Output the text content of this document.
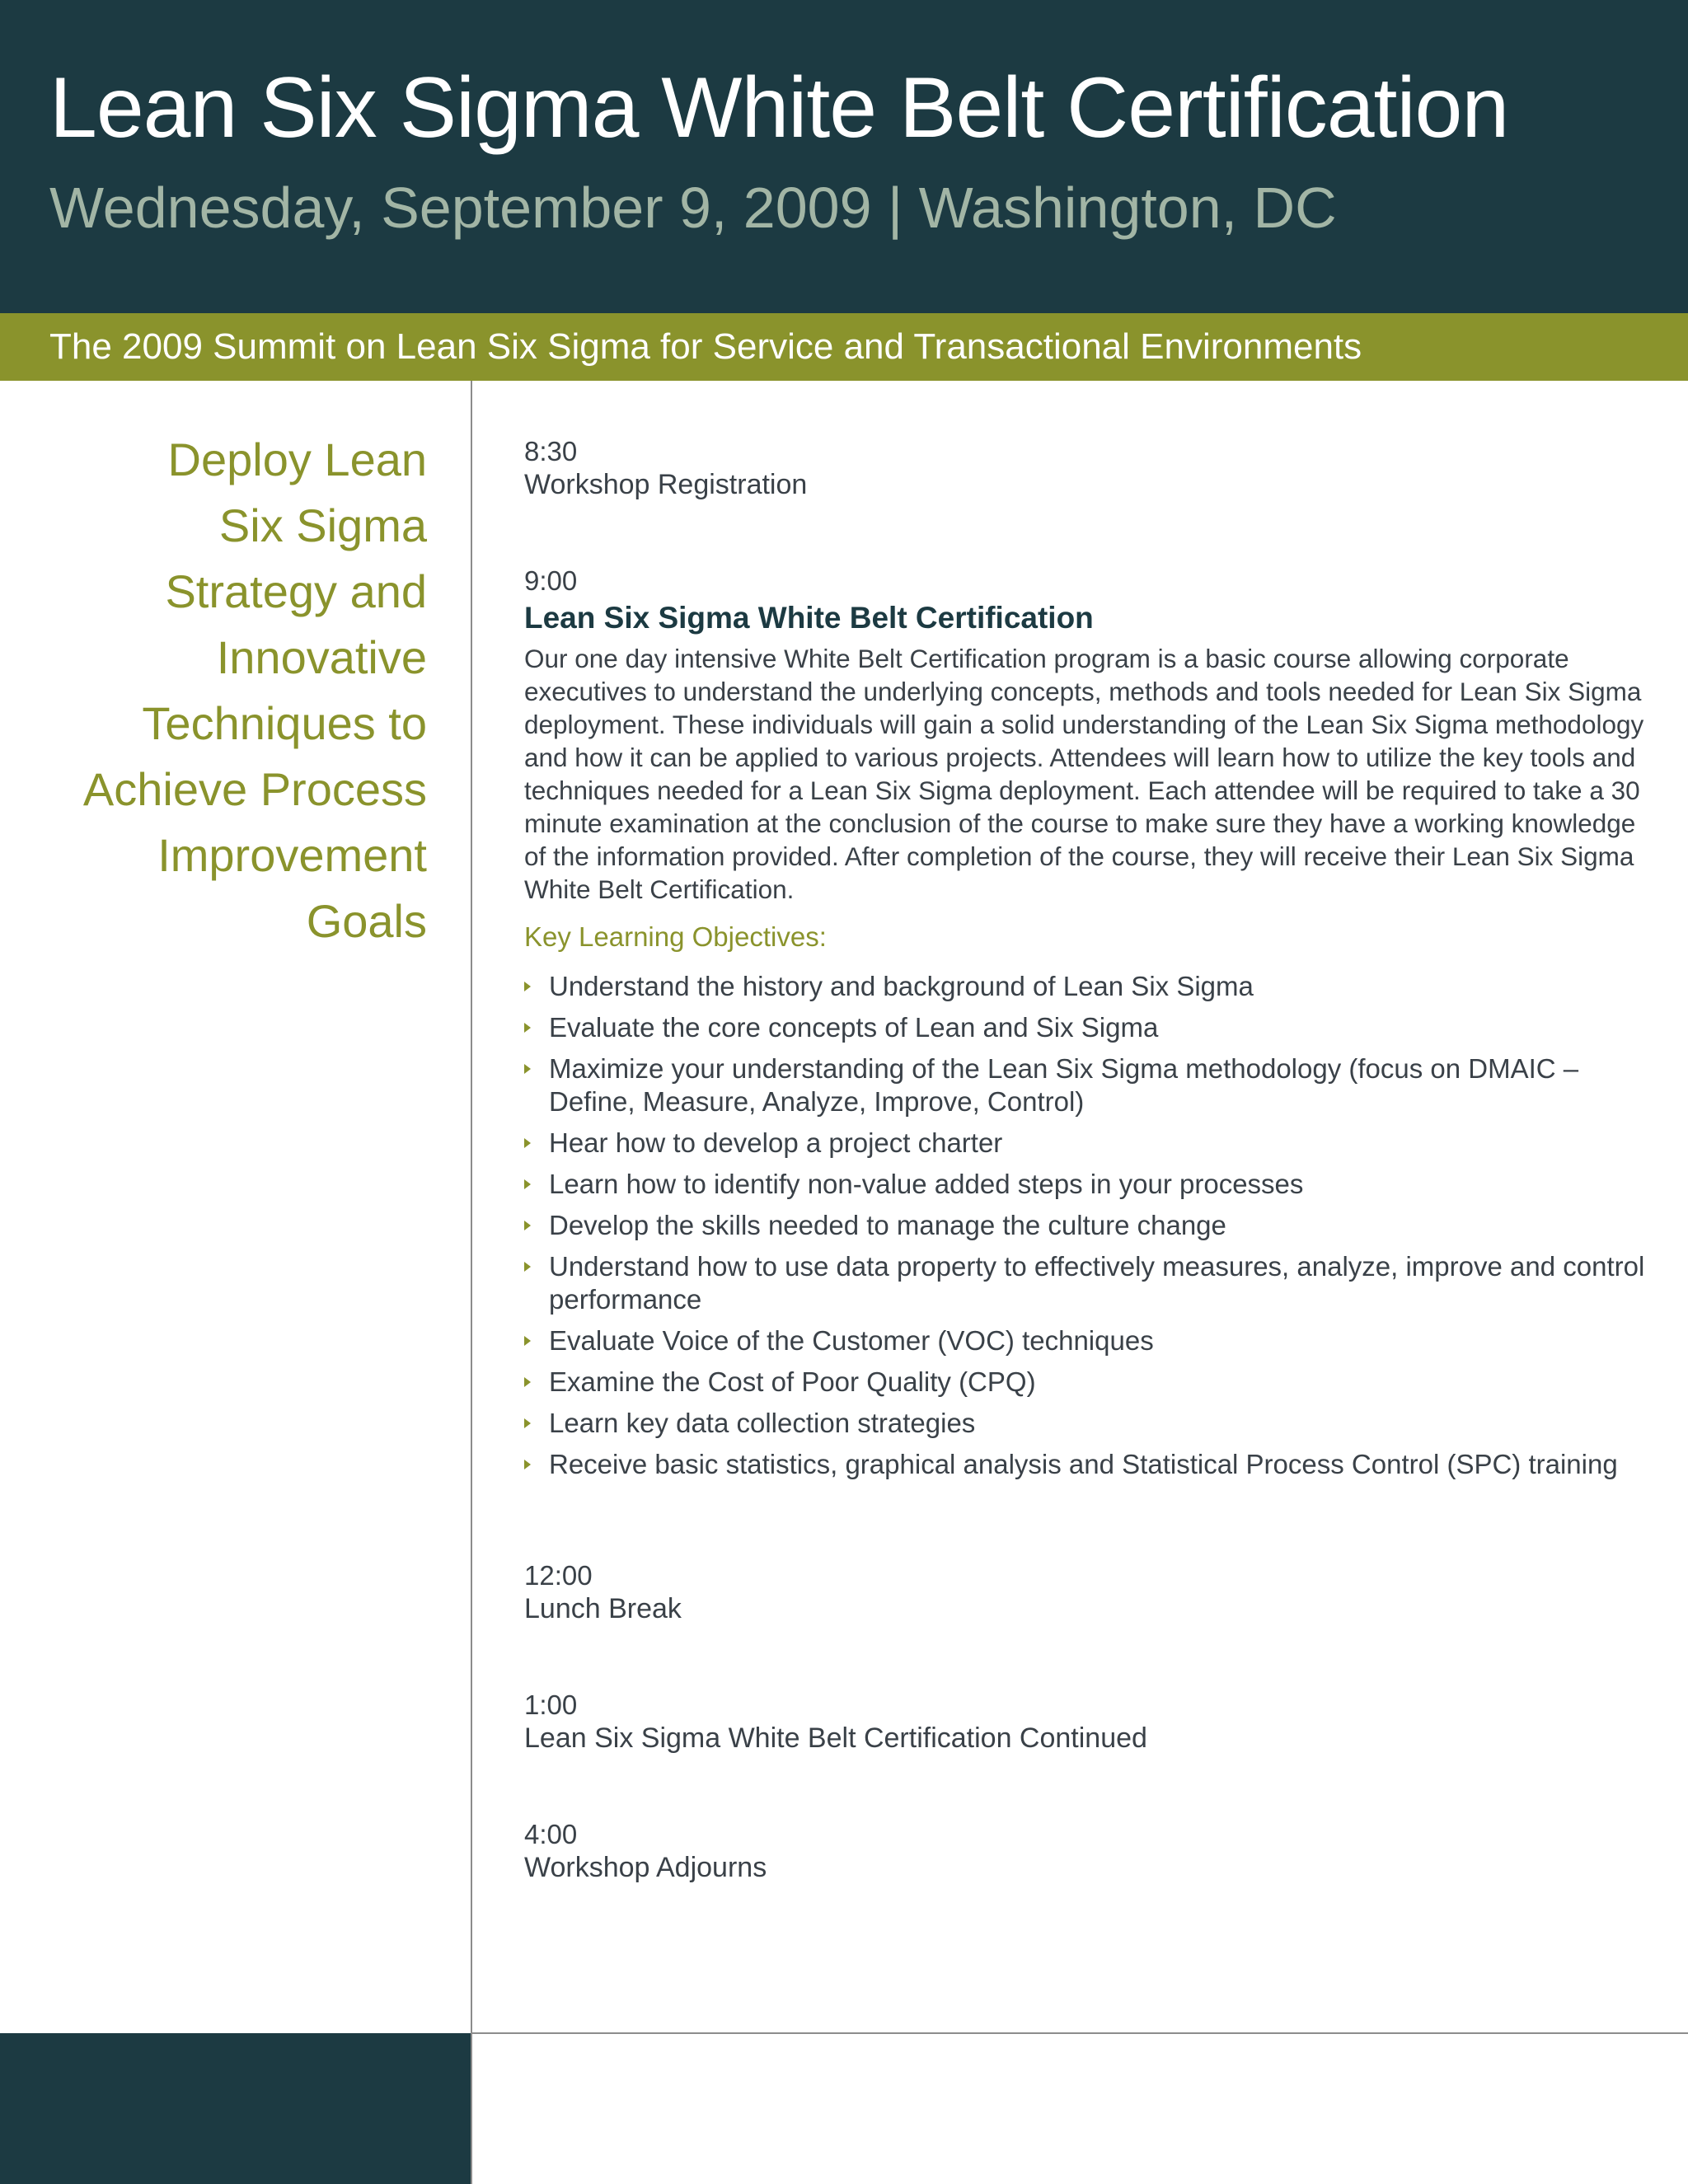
Lean Six Sigma White Belt Certification
Wednesday, September 9, 2009 | Washington, DC
The 2009 Summit on Lean Six Sigma for Service and Transactional Environments
Deploy Lean
Six Sigma
Strategy and
Innovative
Techniques to
Achieve Process
Improvement
Goals
8:30
Workshop Registration
9:00
Lean Six Sigma White Belt Certification
Our one day intensive White Belt Certification program is a basic course allowing corporate executives to understand the underlying concepts, methods and tools needed for Lean Six Sigma deployment. These individuals will gain a solid understanding of the Lean Six Sigma methodology and how it can be applied to various projects. Attendees will learn how to utilize the key tools and techniques needed for a Lean Six Sigma deployment. Each attendee will be required to take a 30 minute examination at the conclusion of the course to make sure they have a working knowledge of the information provided. After completion of the course, they will receive their Lean Six Sigma White Belt Certification.
Key Learning Objectives:
Understand the history and background of Lean Six Sigma
Evaluate the core concepts of Lean and Six Sigma
Maximize your understanding of the Lean Six Sigma methodology (focus on DMAIC – Define, Measure, Analyze, Improve, Control)
Hear how to develop a project charter
Learn how to identify non-value added steps in your processes
Develop the skills needed to manage the culture change
Understand how to use data property to effectively measures, analyze, improve and control performance
Evaluate Voice of the Customer (VOC) techniques
Examine the Cost of Poor Quality (CPQ)
Learn key data collection strategies
Receive basic statistics, graphical analysis and Statistical Process Control (SPC) training
12:00
Lunch Break
1:00
Lean Six Sigma White Belt Certification Continued
4:00
Workshop Adjourns
